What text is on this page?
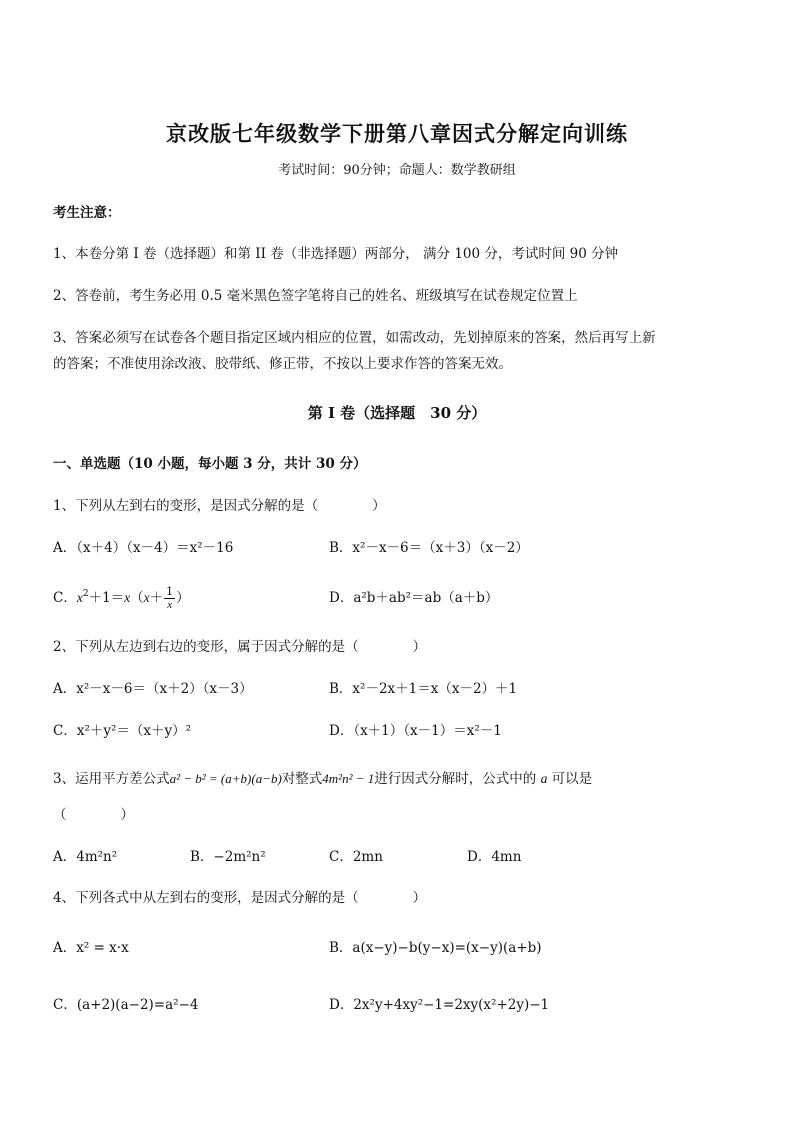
京改版七年级数学下册第八章因式分解定向训练
考试时间：90分钟；命题人：数学教研组
考生注意：
1、本卷分第 I 卷（选择题）和第 II 卷（非选择题）两部分， 满分 100 分，考试时间 90 分钟
2、答卷前，考生务必用 0.5 毫米黑色签字笔将自己的姓名、班级填写在试卷规定位置上
3、答案必须写在试卷各个题目指定区域内相应的位置，如需改动，先划掉原来的答案，然后再写上新
的答案；不准使用涂改液、胶带纸、修正带，不按以上要求作答的答案无效。
第 I 卷（选择题　30 分）
一、单选题（10 小题，每小题 3 分，共计 30 分）
1、下列从左到右的变形，是因式分解的是（　　　　）
A．（x＋4）（x－4）＝x²－16	B．x²－x－6＝（x＋3）（x－2）
C．$x^2+1=x(x+ \frac{1}{x}$ ）	D．a²b＋ab²＝ab（a＋b）
2、下列从左边到右边的变形，属于因式分解的是（　　　　）
A．x²－x－6＝（x＋2）（x－3）	B．x²－2x＋1＝x（x－2）＋1
C．x²＋y²＝（x＋y）²	D．（x＋1）（x－1）＝x²－1
3、运用平方差公式a² − b² = (a+b)(a−b)对整式4m²n² − 1进行因式分解时，公式中的 a 可以是
（　　　　）
A．4m²n²	B．−2m²n²	C．2mn	D．4mn
4、下列各式中从左到右的变形，是因式分解的是（　　　　）
A．x² = x·x	B．a(x−y)−b(y−x)=(x−y)(a+b)
C．(a+2)(a−2)=a²−4	D．2x²y+4xy²−1=2xy(x²+2y)−1
